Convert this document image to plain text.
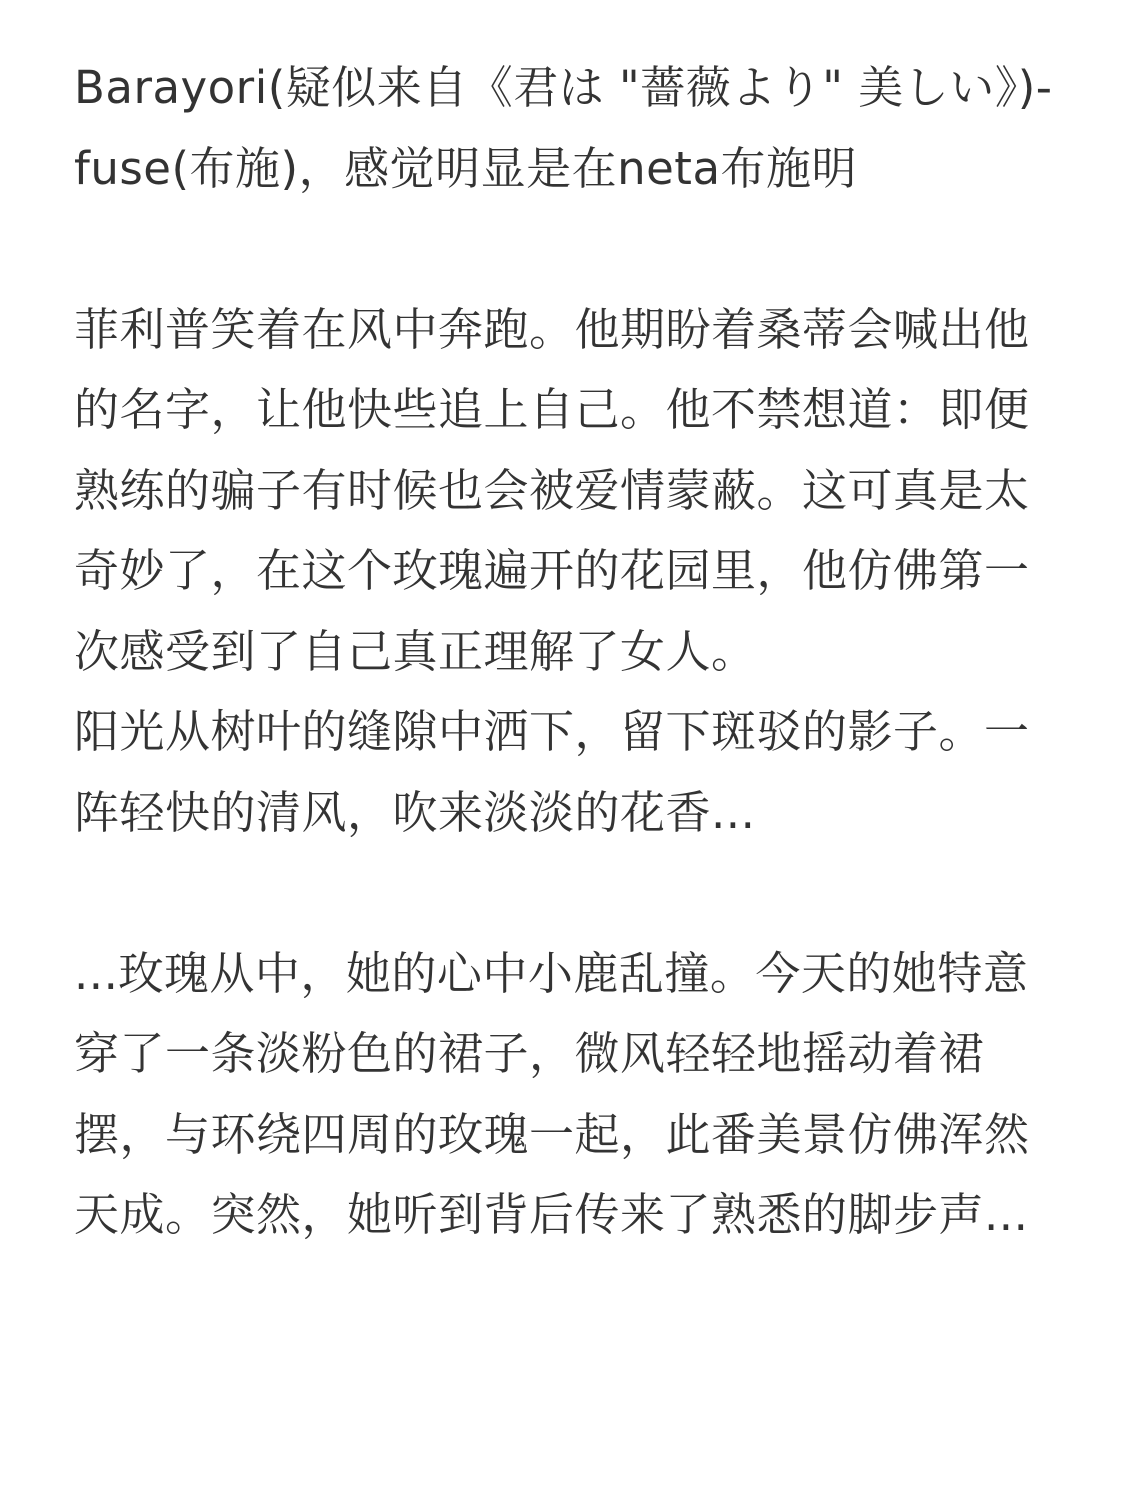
Barayori(疑似来自《君は "薔薇より" 美しい》)-fuse(布施)，感觉明显是在neta布施明

菲利普笑着在风中奔跑。他期盼着桑蒂会喊出他的名字，让他快些追上自己。他不禁想道：即便熟练的骗子有时候也会被爱情蒙蔽。这可真是太奇妙了，在这个玫瑰遍开的花园里，他仿佛第一次感受到了自己真正理解了女人。

阳光从树叶的缝隙中洒下，留下斑驳的影子。一阵轻快的清风，吹来淡淡的花香...

...玫瑰从中，她的心中小鹿乱撞。今天的她特意穿了一条淡粉色的裙子，微风轻轻地摇动着裙摆，与环绕四周的玫瑰一起，此番美景仿佛浑然天成。突然，她听到背后传来了熟悉的脚步声...
